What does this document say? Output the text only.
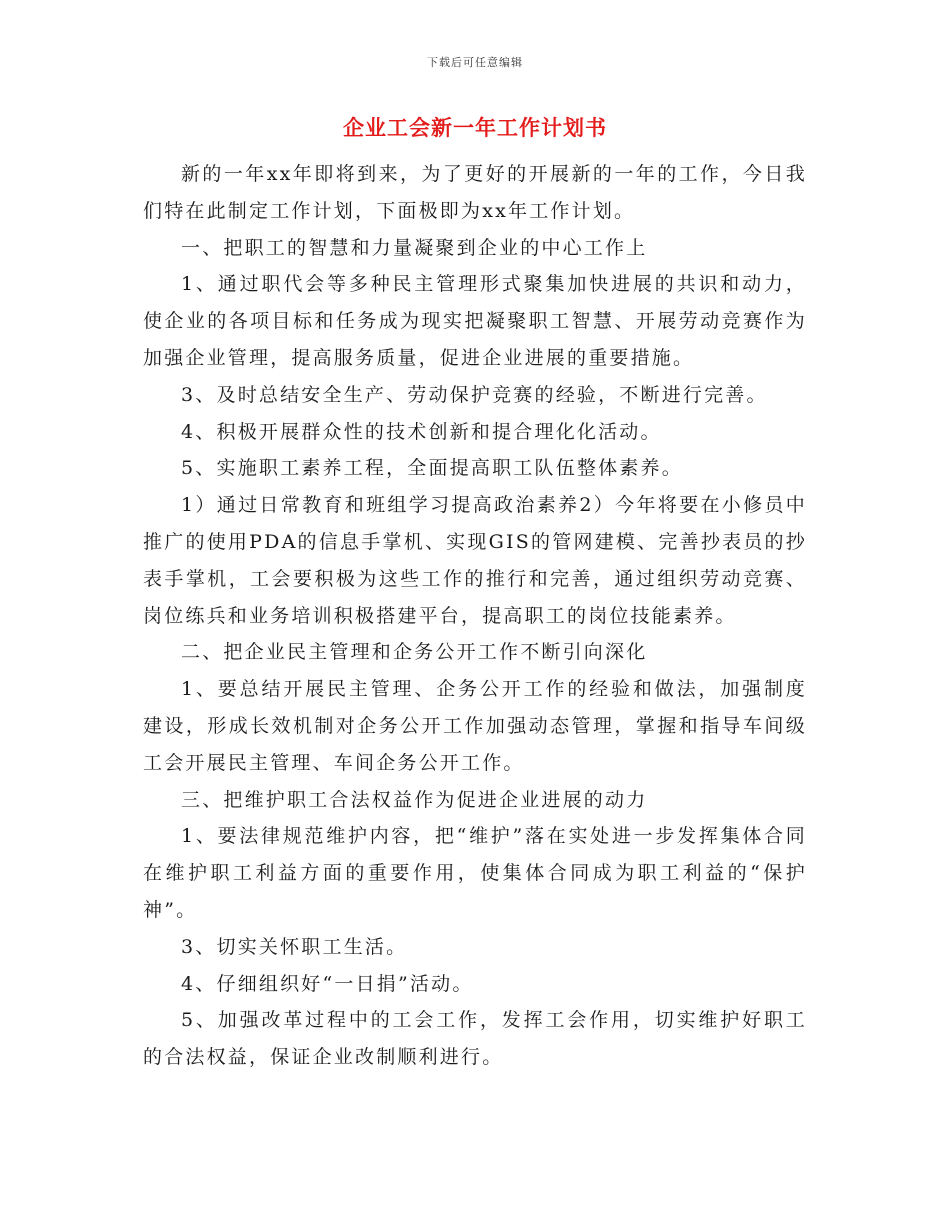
下载后可任意编辑
企业工会新一年工作计划书

新的一年xx年即将到来，为了更好的开展新的一年的工作，今日我们特在此制定工作计划，下面极即为xx年工作计划。

一、把职工的智慧和力量凝聚到企业的中心工作上

1、通过职代会等多种民主管理形式聚集加快进展的共识和动力，使企业的各项目标和任务成为现实把凝聚职工智慧、开展劳动竞赛作为加强企业管理，提高服务质量，促进企业进展的重要措施。

3、及时总结安全生产、劳动保护竞赛的经验，不断进行完善。

4、积极开展群众性的技术创新和提合理化化活动。

5、实施职工素养工程，全面提高职工队伍整体素养。

1）通过日常教育和班组学习提高政治素养2）今年将要在小修员中推广的使用PDA的信息手掌机、实现GIS的管网建模、完善抄表员的抄表手掌机，工会要积极为这些工作的推行和完善，通过组织劳动竞赛、岗位练兵和业务培训积极搭建平台，提高职工的岗位技能素养。

二、把企业民主管理和企务公开工作不断引向深化

1、要总结开展民主管理、企务公开工作的经验和做法，加强制度建设，形成长效机制对企务公开工作加强动态管理，掌握和指导车间级工会开展民主管理、车间企务公开工作。

三、把维护职工合法权益作为促进企业进展的动力

1、要法律规范维护内容，把“维护”落在实处进一步发挥集体合同在维护职工利益方面的重要作用，使集体合同成为职工利益的“保护神”。

3、切实关怀职工生活。

4、仔细组织好“一日捐”活动。

5、加强改革过程中的工会工作，发挥工会作用，切实维护好职工的合法权益，保证企业改制顺利进行。
